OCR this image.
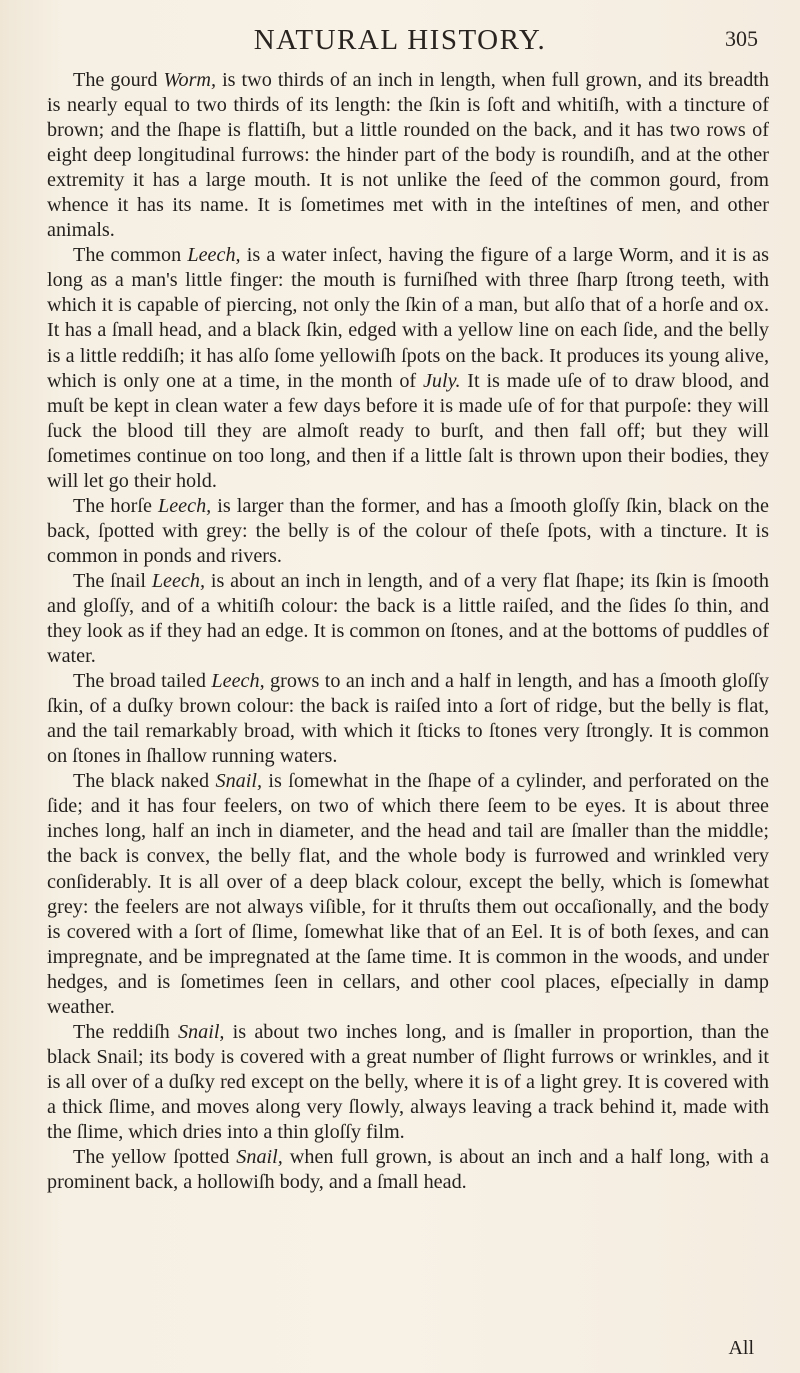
NATURAL HISTORY.	305

The gourd Worm, is two thirds of an inch in length, when full grown, and its breadth is nearly equal to two thirds of its length: the ſkin is ſoft and whitiſh, with a tincture of brown; and the ſhape is flattiſh, but a little rounded on the back, and it has two rows of eight deep longitudinal furrows: the hinder part of the body is roundiſh, and at the other extremity it has a large mouth. It is not unlike the ſeed of the common gourd, from whence it has its name. It is ſometimes met with in the inteſtines of men, and other animals.

The common Leech, is a water inſect, having the figure of a large Worm, and it is as long as a man's little finger: the mouth is furniſhed with three ſharp ſtrong teeth, with which it is capable of piercing, not only the ſkin of a man, but alſo that of a horſe and ox. It has a ſmall head, and a black ſkin, edged with a yellow line on each ſide, and the belly is a little reddiſh; it has alſo ſome yellowiſh ſpots on the back. It produces its young alive, which is only one at a time, in the month of July. It is made uſe of to draw blood, and muſt be kept in clean water a few days before it is made uſe of for that purpoſe: they will ſuck the blood till they are almoſt ready to burſt, and then fall off; but they will ſometimes continue on too long, and then if a little ſalt is thrown upon their bodies, they will let go their hold.

The horſe Leech, is larger than the former, and has a ſmooth gloſſy ſkin, black on the back, ſpotted with grey: the belly is of the colour of theſe ſpots, with a tincture. It is common in ponds and rivers.

The ſnail Leech, is about an inch in length, and of a very flat ſhape; its ſkin is ſmooth and gloſſy, and of a whitiſh colour: the back is a little raiſed, and the ſides ſo thin, and they look as if they had an edge. It is common on ſtones, and at the bottoms of puddles of water.

The broad tailed Leech, grows to an inch and a half in length, and has a ſmooth gloſſy ſkin, of a duſky brown colour: the back is raiſed into a ſort of ridge, but the belly is flat, and the tail remarkably broad, with which it ſticks to ſtones very ſtrongly. It is common on ſtones in ſhallow running waters.

The black naked Snail, is ſomewhat in the ſhape of a cylinder, and perforated on the ſide; and it has four feelers, on two of which there ſeem to be eyes. It is about three inches long, half an inch in diameter, and the head and tail are ſmaller than the middle; the back is convex, the belly flat, and the whole body is furrowed and wrinkled very conſiderably. It is all over of a deep black colour, except the belly, which is ſomewhat grey: the feelers are not always viſible, for it thruſts them out occaſionally, and the body is covered with a ſort of ſlime, ſomewhat like that of an Eel. It is of both ſexes, and can impregnate, and be impregnated at the ſame time. It is common in the woods, and under hedges, and is ſometimes ſeen in cellars, and other cool places, eſpecially in damp weather.

The reddiſh Snail, is about two inches long, and is ſmaller in proportion, than the black Snail; its body is covered with a great number of ſlight furrows or wrinkles, and it is all over of a duſky red except on the belly, where it is of a light grey. It is covered with a thick ſlime, and moves along very ſlowly, always leaving a track behind it, made with the ſlime, which dries into a thin gloſſy film.

The yellow ſpotted Snail, when full grown, is about an inch and a half long, with a prominent back, a hollowiſh body, and a ſmall head.

All
